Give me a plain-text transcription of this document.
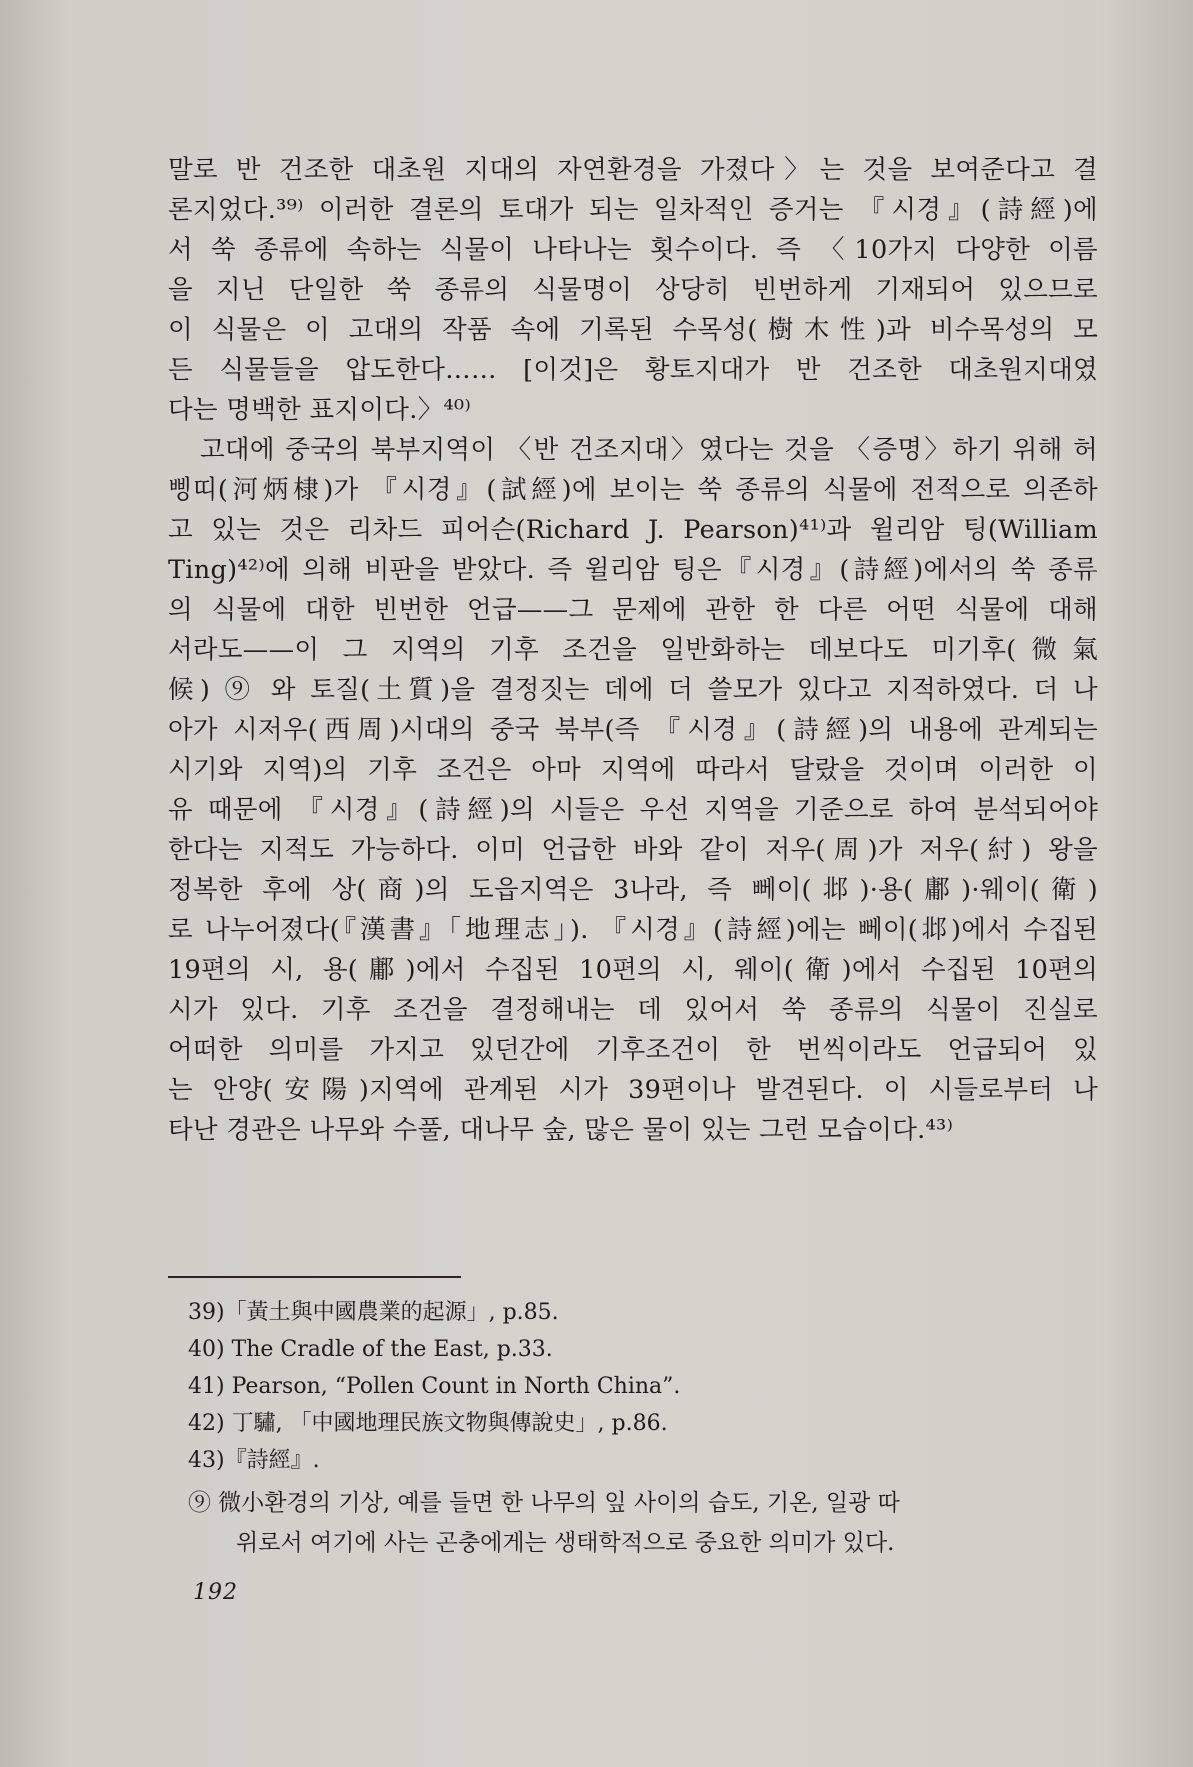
말로 반 건조한 대초원 지대의 자연환경을 가졌다〉는 것을 보여준다고 결
론지었다.³⁹⁾ 이러한 결론의 토대가 되는 일차적인 증거는 『시경』(詩經)에
서 쑥 종류에 속하는 식물이 나타나는 횟수이다. 즉 〈10가지 다양한 이름
을 지닌 단일한 쑥 종류의 식물명이 상당히 빈번하게 기재되어 있으므로
이 식물은 이 고대의 작품 속에 기록된 수목성(樹木性)과 비수목성의 모
든 식물들을 압도한다…… [이것]은 황토지대가 반 건조한 대초원지대였
다는 명백한 표지이다.〉⁴⁰⁾
고대에 중국의 북부지역이 〈반 건조지대〉였다는 것을 〈증명〉하기 위해 허
삥띠(河炳棣)가 『시경』(試經)에 보이는 쑥 종류의 식물에 전적으로 의존하
고 있는 것은 리차드 피어슨(Richard J. Pearson)⁴¹⁾과 윌리암 팅(William
Ting)⁴²⁾에 의해 비판을 받았다. 즉 윌리암 팅은『시경』(詩經)에서의 쑥 종류
의 식물에 대한 빈번한 언급——그 문제에 관한 한 다른 어떤 식물에 대해
서라도——이 그 지역의 기후 조건을 일반화하는 데보다도 미기후(微氣
候) ⑨ 와 토질(土質)을 결정짓는 데에 더 쓸모가 있다고 지적하였다. 더 나
아가 시저우(西周)시대의 중국 북부(즉 『시경』(詩經)의 내용에 관계되는
시기와 지역)의 기후 조건은 아마 지역에 따라서 달랐을 것이며 이러한 이
유 때문에 『시경』(詩經)의 시들은 우선 지역을 기준으로 하여 분석되어야
한다는 지적도 가능하다. 이미 언급한 바와 같이 저우(周)가 저우(紂) 왕을
정복한 후에 상(商)의 도읍지역은 3나라, 즉 뻬이(邶)·용(鄘)·웨이(衛)
로 나누어졌다(『漢書』「地理志」). 『시경』(詩經)에는 뻬이(邶)에서 수집된
19편의 시, 용(鄘)에서 수집된 10편의 시, 웨이(衛)에서 수집된 10편의
시가 있다. 기후 조건을 결정해내는 데 있어서 쑥 종류의 식물이 진실로
어떠한 의미를 가지고 있던간에 기후조건이 한 번씩이라도 언급되어 있
는 안양(安陽)지역에 관계된 시가 39편이나 발견된다. 이 시들로부터 나
타난 경관은 나무와 수풀, 대나무 숲, 많은 물이 있는 그런 모습이다.⁴³⁾
39)「黃土與中國農業的起源」, p.85.
40) The Cradle of the East, p.33.
41) Pearson, “Pollen Count in North China”.
42) 丁驌, 「中國地理民族文物與傳說史」, p.86.
43)『詩經』.
⑨ 微小환경의 기상, 예를 들면 한 나무의 잎 사이의 습도, 기온, 일광 따
위로서 여기에 사는 곤충에게는 생태학적으로 중요한 의미가 있다.
192
